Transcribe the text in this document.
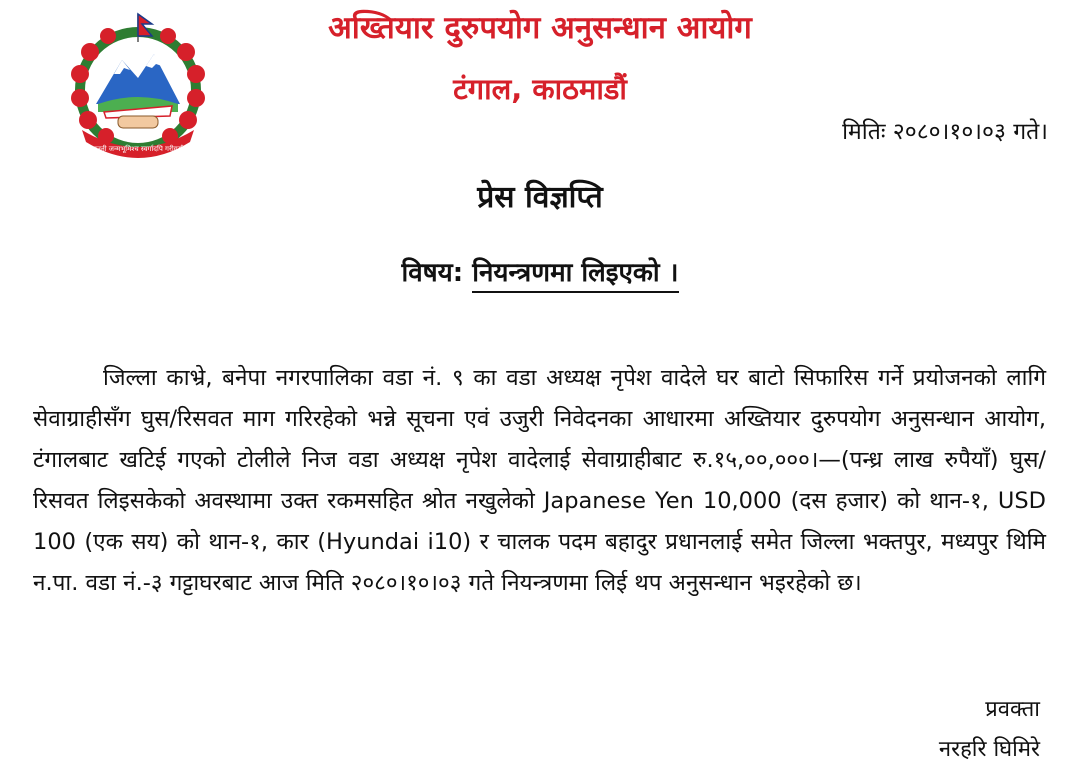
जननी जन्मभूमिश्च स्वर्गादपि गरीयसी
अख्तियार दुरुपयोग अनुसन्धान आयोग
टंगाल, काठमाडौं
मितिः २०८०।१०।०३ गते।
प्रेस विज्ञप्ति
विषय: नियन्त्रणमा लिइएको ।
जिल्ला काभ्रे, बनेपा नगरपालिका वडा नं. ९ का वडा अध्यक्ष नृपेश वादेले घर बाटो सिफारिस गर्ने प्रयोजनको लागि सेवाग्राहीसँग घुस/रिसवत माग गरिरहेको भन्ने सूचना एवं उजुरी निवेदनका आधारमा अख्तियार दुरुपयोग अनुसन्धान आयोग, टंगालबाट खटिई गएको टोलीले निज वडा अध्यक्ष नृपेश वादेलाई सेवाग्राहीबाट रु.१५,००,०००।—(पन्ध्र लाख रुपैयाँ) घुस/रिसवत लिइसकेको अवस्थामा उक्त रकमसहित श्रोत नखुलेको Japanese Yen 10,000 (दस हजार) को थान-१, USD 100 (एक सय) को थान-१, कार (Hyundai i10) र चालक पदम बहादुर प्रधानलाई समेत जिल्ला भक्तपुर, मध्यपुर थिमि न.पा. वडा नं.-३ गट्टाघरबाट आज मिति २०८०।१०।०३ गते नियन्त्रणमा लिई थप अनुसन्धान भइरहेको छ।
प्रवक्ता
नरहरि घिमिरे
